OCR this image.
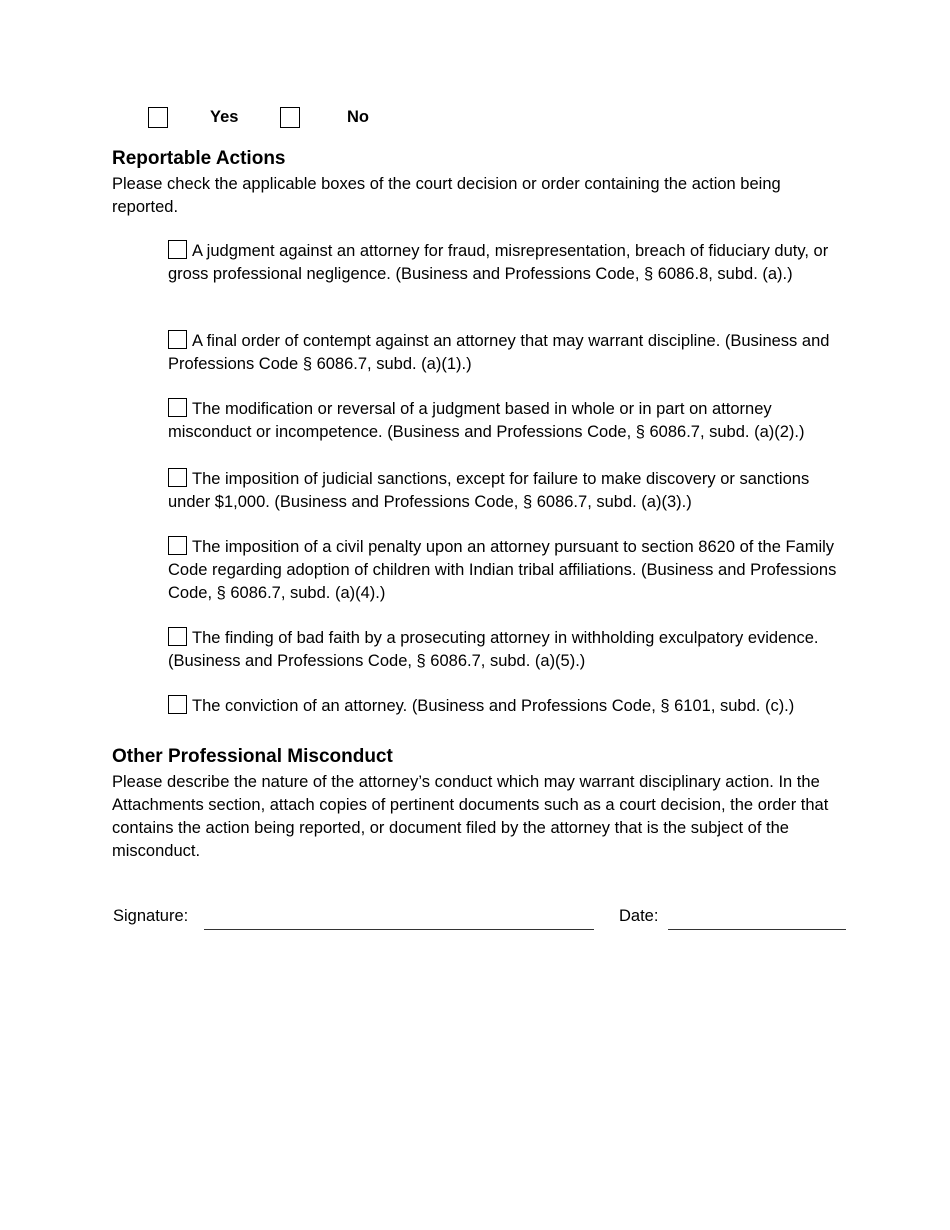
Yes	No
Reportable Actions
Please check the applicable boxes of the court decision or order containing the action being reported.
A judgment against an attorney for fraud, misrepresentation, breach of fiduciary duty, or gross professional negligence. (Business and Professions Code, § 6086.8, subd. (a).)
A final order of contempt against an attorney that may warrant discipline. (Business and Professions Code § 6086.7, subd. (a)(1).)
The modification or reversal of a judgment based in whole or in part on attorney misconduct or incompetence. (Business and Professions Code, § 6086.7, subd. (a)(2).)
The imposition of judicial sanctions, except for failure to make discovery or sanctions under $1,000. (Business and Professions Code, § 6086.7, subd. (a)(3).)
The imposition of a civil penalty upon an attorney pursuant to section 8620 of the Family Code regarding adoption of children with Indian tribal affiliations. (Business and Professions Code, § 6086.7, subd. (a)(4).)
The finding of bad faith by a prosecuting attorney in withholding exculpatory evidence. (Business and Professions Code, § 6086.7, subd. (a)(5).)
The conviction of an attorney. (Business and Professions Code, § 6101, subd. (c).)
Other Professional Misconduct
Please describe the nature of the attorney’s conduct which may warrant disciplinary action. In the Attachments section, attach copies of pertinent documents such as a court decision, the order that contains the action being reported, or document filed by the attorney that is the subject of the misconduct.
Signature:	Date:
